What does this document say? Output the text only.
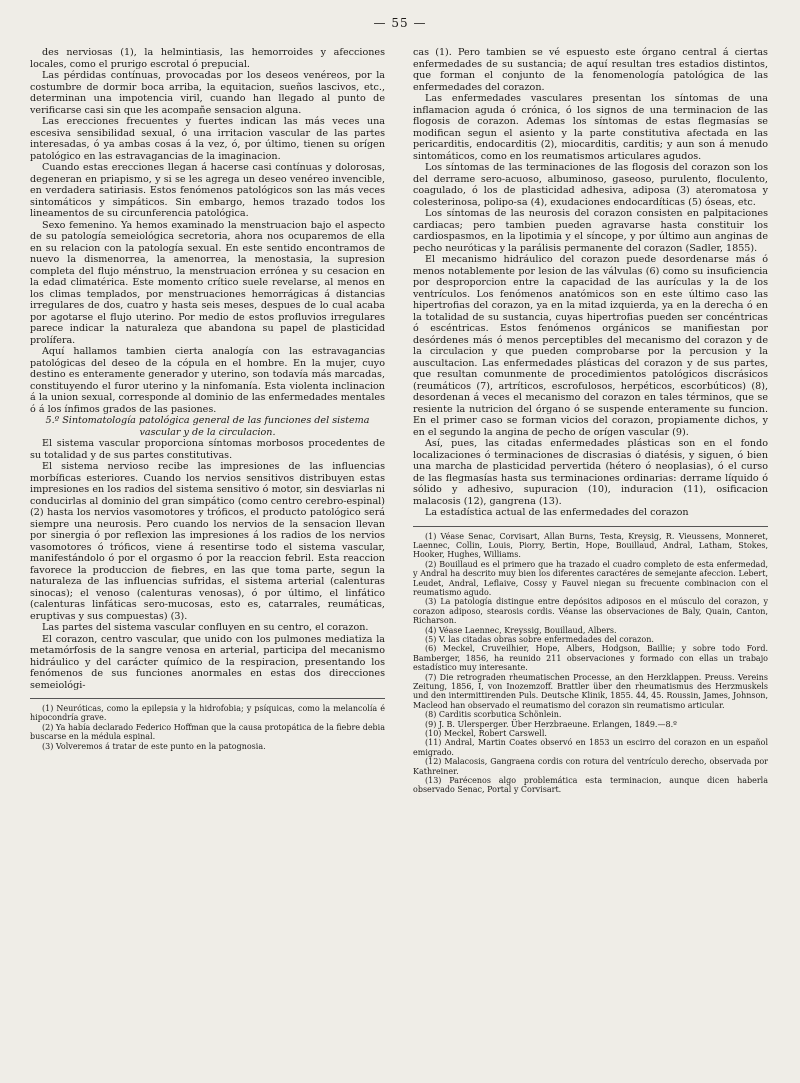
— 55 —

des nerviosas (1), la helmintiasis, las hemorroides y afecciones locales, como el prurigo escrotal ó prepucial.

Las pérdidas contínuas, provocadas por los deseos venéreos, por la costumbre de dormir boca arriba, la equitacion, sueños lascivos, etc., determinan una impotencia viril, cuando han llegado al punto de verificarse casi sin que les acompañe sensacion alguna.

Las erecciones frecuentes y fuertes indican las más veces una escesiva sensibilidad sexual, ó una irritacion vascular de las partes interesadas, ó ya ambas cosas á la vez, ó, por último, tienen su orígen patológico en las estravagancias de la imaginacion.

Cuando estas erecciones llegan á hacerse casi contínuas y dolorosas, degeneran en priapismo, y si se les agrega un deseo venéreo invencible, en verdadera satiriasis. Estos fenómenos patológicos son las más veces sintomáticos y simpáticos. Sin embargo, hemos trazado todos los lineamentos de su circunferencia patológica.

Sexo femenino. Ya hemos examinado la menstruacion bajo el aspecto de su patología semeiológica secretoria, ahora nos ocuparemos de ella en su relacion con la patología sexual. En este sentido encontramos de nuevo la dismenorrea, la amenorrea, la menostasia, la supresion completa del flujo ménstruo, la menstruacion errónea y su cesacion en la edad climatérica. Este momento crítico suele revelarse, al menos en los climas templados, por menstruaciones hemorrágicas á distancias irregulares de dos, cuatro y hasta seis meses, despues de lo cual acaba por agotarse el flujo uterino. Por medio de estos profluvios irregulares parece indicar la naturaleza que abandona su papel de plasticidad prolífera.

Aquí hallamos tambien cierta analogía con las estravagancias patológicas del deseo de la cópula en el hombre. En la mujer, cuyo destino es enteramente generador y uterino, son todavía más marcadas, constituyendo el furor uterino y la ninfomanía. Esta violenta inclinacion á la union sexual, corresponde al dominio de las enfermedades mentales ó á los ínfimos grados de las pasiones.

5.º Sintomatología patológica general de las funciones del sistema vascular y de la circulacion.

El sistema vascular proporciona síntomas morbosos procedentes de su totalidad y de sus partes constitutivas.

El sistema nervioso recibe las impresiones de las influencias morbíficas esteriores. Cuando los nervios sensitivos distribuyen estas impresiones en los radios del sistema sensitivo ó motor, sin desviarlas ni conducirlas al dominio del gran simpático (como centro cerebro-espinal) (2) hasta los nervios vasomotores y tróficos, el producto patológico será siempre una neurosis. Pero cuando los nervios de la sensacion llevan por sinergia ó por reflexion las impresiones á los radios de los nervios vasomotores ó tróficos, viene á resentirse todo el sistema vascular, manifestándolo ó por el orgasmo ó por la reaccion febril. Esta reaccion favorece la produccion de fiebres, en las que toma parte, segun la naturaleza de las influencias sufridas, el sistema arterial (calenturas sinocas); el venoso (calenturas venosas), ó por último, el linfático (calenturas linfáticas sero-mucosas, esto es, catarrales, reumáticas, eruptivas y sus compuestas) (3).

Las partes del sistema vascular confluyen en su centro, el corazon.

El corazon, centro vascular, que unido con los pulmones mediatiza la metamórfosis de la sangre venosa en arterial, participa del mecanismo hidráulico y del carácter químico de la respiracion, presentando los fenómenos de sus funciones anormales en estas dos direcciones semeiológi-

(1) Neuróticas, como la epilepsia y la hidrofobia; y psíquicas, como la melancolía é hipocondría grave.

(2) Ya había declarado Federico Hoffman que la causa protopática de la fiebre debia buscarse en la médula espinal.

(3) Volveremos á tratar de este punto en la patognosia.

cas (1). Pero tambien se vé espuesto este órgano central á ciertas enfermedades de su sustancia; de aquí resultan tres estadios distintos, que forman el conjunto de la fenomenología patológica de las enfermedades del corazon.

Las enfermedades vasculares presentan los síntomas de una inflamacion aguda ó crónica, ó los signos de una terminacion de las flogosis de corazon. Ademas los síntomas de estas flegmasías se modifican segun el asiento y la parte constitutiva afectada en las pericarditis, endocarditis (2), miocarditis, carditis; y aun son á menudo sintomáticos, como en los reumatismos articulares agudos.

Los síntomas de las terminaciones de las flogosis del corazon son los del derrame sero-acuoso, albuminoso, gaseoso, purulento, floculento, coagulado, ó los de plasticidad adhesiva, adiposa (3) ateromatosa y colesterinosa, polipo-sa (4), exudaciones endocardíticas (5) óseas, etc.

Los síntomas de las neurosis del corazon consisten en palpitaciones cardiacas; pero tambien pueden agravarse hasta constituir los cardiospasmos, en la lipotimia y el síncope, y por último aun anginas de pecho neuróticas y la parálisis permanente del corazon (Sadler, 1855).

El mecanismo hidráulico del corazon puede desordenarse más ó menos notablemente por lesion de las válvulas (6) como su insuficiencia por desproporcion entre la capacidad de las aurículas y la de los ventrículos. Los fenómenos anatómicos son en este último caso las hipertrofias del corazon, ya en la mitad izquierda, ya en la derecha ó en la totalidad de su sustancia, cuyas hipertrofias pueden ser concéntricas ó escéntricas. Estos fenómenos orgánicos se manifiestan por desórdenes más ó menos perceptibles del mecanismo del corazon y de la circulacion y que pueden comprobarse por la percusion y la auscultacion. Las enfermedades plásticas del corazon y de sus partes, que resultan comunmente de procedimientos patológicos discrásicos (reumáticos (7), artríticos, escrofulosos, herpéticos, escorbúticos) (8), desordenan á veces el mecanismo del corazon en tales términos, que se resiente la nutricion del órgano ó se suspende enteramente su funcion. En el primer caso se forman vicios del corazon, propiamente dichos, y en el segundo la angina de pecho de orígen vascular (9).

Así, pues, las citadas enfermedades plásticas son en el fondo localizaciones ó terminaciones de discrasias ó diatésis, y siguen, ó bien una marcha de plasticidad pervertida (hétero ó neoplasias), ó el curso de las flegmasías hasta sus terminaciones ordinarias: derrame líquido ó sólido y adhesivo, supuracion (10), induracion (11), osificacion malacosis (12), gangrena (13).

La estadística actual de las enfermedades del corazon

(1) Véase Senac, Corvisart, Allan Burns, Testa, Kreysig, R. Vieussens, Monneret, Laennec, Collin, Louis, Piorry, Bertin, Hope, Bouillaud, Andral, Latham, Stokes, Hooker, Hughes, Williams.

(2) Bouillaud es el primero que ha trazado el cuadro completo de esta enfermedad, y Andral ha descrito muy bien los diferentes caractéres de semejante afeccion. Lebert, Leudet, Andral, Leflaive, Cossy y Fauvel niegan su frecuente combinacion con el reumatismo agudo.

(3) La patología distingue entre depósitos adiposos en el músculo del corazon, y corazon adiposo, stearosis cordis. Véanse las observaciones de Baly, Quain, Canton, Richarson.

(4) Véase Laennec, Kreyssig, Bouillaud, Albers.

(5) V. las citadas obras sobre enfermedades del corazon.

(6) Meckel, Cruveilhier, Hope, Albers, Hodgson, Baillie; y sobre todo Ford. Bamberger, 1856, ha reunido 211 observaciones y formado con ellas un trabajo estadístico muy interesante.

(7) Die retrograden rheumatischen Processe, an den Herzklappen. Preuss. Vereins Zeitung, 1856, I, von Inozemzoff. Brattler über den rheumatismus des Herzmuskels und den intermittirenden Puls. Deutsche Klinik, 1855. 44, 45. Roussin, James, Johnson, Macleod han observado el reumatismo del corazon sin reumatismo articular.

(8) Carditis scorbutica Schönlein.

(9) J. B. Ulersperger. Über Herzbraeune. Erlangen, 1849.—8.º

(10) Meckel, Robert Carswell.

(11) Andral, Martin Coates observó en 1853 un escirro del corazon en un español emigrado.

(12) Malacosis, Gangraena cordis con rotura del ventrículo derecho, observada por Kathreiner.

(13) Parécenos algo problemática esta terminacion, aunque dicen haberla observado Senac, Portal y Corvisart.
